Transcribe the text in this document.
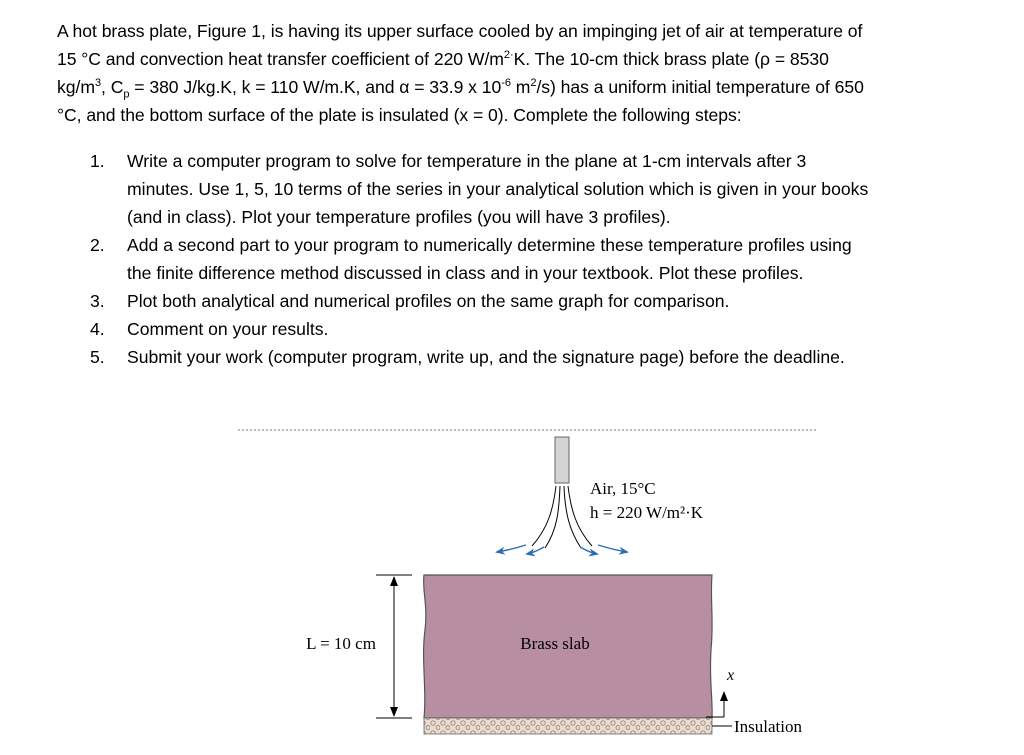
A hot brass plate, Figure 1, is having its upper surface cooled by an impinging jet of air at temperature of
15 °C and convection heat transfer coefficient of 220 $W/m^{2\cdot}K$. The 10-cm thick brass plate (ρ = 8530
$kg/m^3$, $C_p = 380$ J/kg.K, k = 110 W/m.K, and α = 33.9 x $10^{-6}$ $m^2/s$) has a uniform initial temperature of 650
°C, and the bottom surface of the plate is insulated (x = 0). Complete the following steps:
1. Write a computer program to solve for temperature in the plane at 1-cm intervals after 3
minutes. Use 1, 5, 10 terms of the series in your analytical solution which is given in your books
(and in class). Plot your temperature profiles (you will have 3 profiles).
2. Add a second part to your program to numerically determine these temperature profiles using
the finite difference method discussed in class and in your textbook. Plot these profiles.
3. Plot both analytical and numerical profiles on the same graph for comparison.
4. Comment on your results.
5. Submit your work (computer program, write up, and the signature page) before the deadline.
Air, 15°C
h = 220 W/m²·K
Brass slab
L = 10 cm
x
Insulation
